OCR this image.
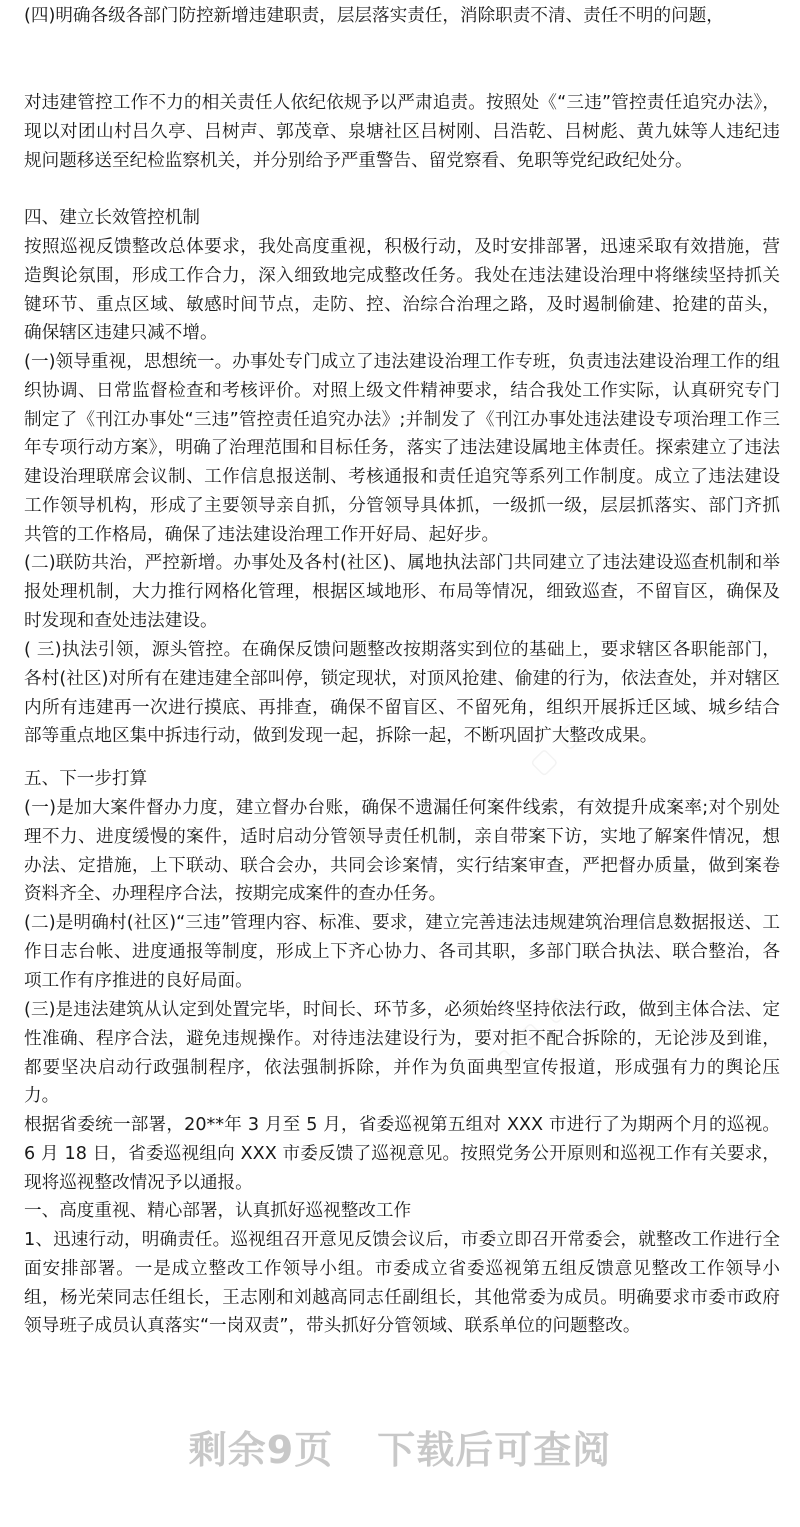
(四)明确各级各部门防控新增违建职责，层层落实责任，消除职责不清、责任不明的问题，

对违建管控工作不力的相关责任人依纪依规予以严肃追责。按照处《“三违”管控责任追究办法》，现以对团山村吕久亭、吕树声、郭茂章、泉塘社区吕树刚、吕浩乾、吕树彪、黄九妹等人违纪违规问题移送至纪检监察机关，并分别给予严重警告、留党察看、免职等党纪政纪处分。

四、建立长效管控机制

按照巡视反馈整改总体要求，我处高度重视，积极行动，及时安排部署，迅速采取有效措施，营造舆论氛围，形成工作合力，深入细致地完成整改任务。我处在违法建设治理中将继续坚持抓关键环节、重点区域、敏感时间节点，走防、控、治综合治理之路，及时遏制偷建、抢建的苗头，确保辖区违建只减不增。

(一)领导重视，思想统一。办事处专门成立了违法建设治理工作专班，负责违法建设治理工作的组织协调、日常监督检查和考核评价。对照上级文件精神要求，结合我处工作实际，认真研究专门制定了《刊江办事处“三违”管控责任追究办法》;并制发了《刊江办事处违法建设专项治理工作三年专项行动方案》，明确了治理范围和目标任务，落实了违法建设属地主体责任。探索建立了违法建设治理联席会议制、工作信息报送制、考核通报和责任追究等系列工作制度。成立了违法建设工作领导机构，形成了主要领导亲自抓，分管领导具体抓，一级抓一级，层层抓落实、部门齐抓共管的工作格局，确保了违法建设治理工作开好局、起好步。

(二)联防共治，严控新增。办事处及各村(社区)、属地执法部门共同建立了违法建设巡查机制和举报处理机制，大力推行网格化管理，根据区域地形、布局等情况，细致巡查，不留盲区，确保及时发现和查处违法建设。

( 三)执法引领，源头管控。在确保反馈问题整改按期落实到位的基础上，要求辖区各职能部门，各村(社区)对所有在建违建全部叫停，锁定现状，对顶风抢建、偷建的行为，依法查处，并对辖区内所有违建再一次进行摸底、再排查，确保不留盲区、不留死角，组织开展拆迁区域、城乡结合部等重点地区集中拆违行动，做到发现一起，拆除一起，不断巩固扩大整改成果。

五、下一步打算

(一)是加大案件督办力度，建立督办台账，确保不遗漏任何案件线索，有效提升成案率;对个别处理不力、进度缓慢的案件，适时启动分管领导责任机制，亲自带案下访，实地了解案件情况，想办法、定措施，上下联动、联合会办，共同会诊案情，实行结案审查，严把督办质量，做到案卷资料齐全、办理程序合法，按期完成案件的查办任务。

(二)是明确村(社区)“三违”管理内容、标准、要求，建立完善违法违规建筑治理信息数据报送、工作日志台帐、进度通报等制度，形成上下齐心协力、各司其职，多部门联合执法、联合整治，各项工作有序推进的良好局面。

(三)是违法建筑从认定到处置完毕，时间长、环节多，必须始终坚持依法行政，做到主体合法、定性准确、程序合法，避免违规操作。对待违法建设行为，要对拒不配合拆除的，无论涉及到谁，都要坚决启动行政强制程序，依法强制拆除，并作为负面典型宣传报道，形成强有力的舆论压力。

根据省委统一部署，20**年 3 月至 5 月，省委巡视第五组对 XXX 市进行了为期两个月的巡视。6 月 18 日，省委巡视组向 XXX 市委反馈了巡视意见。按照党务公开原则和巡视工作有关要求，现将巡视整改情况予以通报。

一、高度重视、精心部署，认真抓好巡视整改工作

1、迅速行动，明确责任。巡视组召开意见反馈会议后，市委立即召开常委会，就整改工作进行全面安排部署。一是成立整改工作领导小组。市委成立省委巡视第五组反馈意见整改工作领导小组，杨光荣同志任组长，王志刚和刘越高同志任副组长，其他常委为成员。明确要求市委市政府领导班子成员认真落实“一岗双责”，带头抓好分管领域、联系单位的问题整改。

▢ ▢ ▢
▢ ▢ ▢
剩余9页 下载后可查阅
